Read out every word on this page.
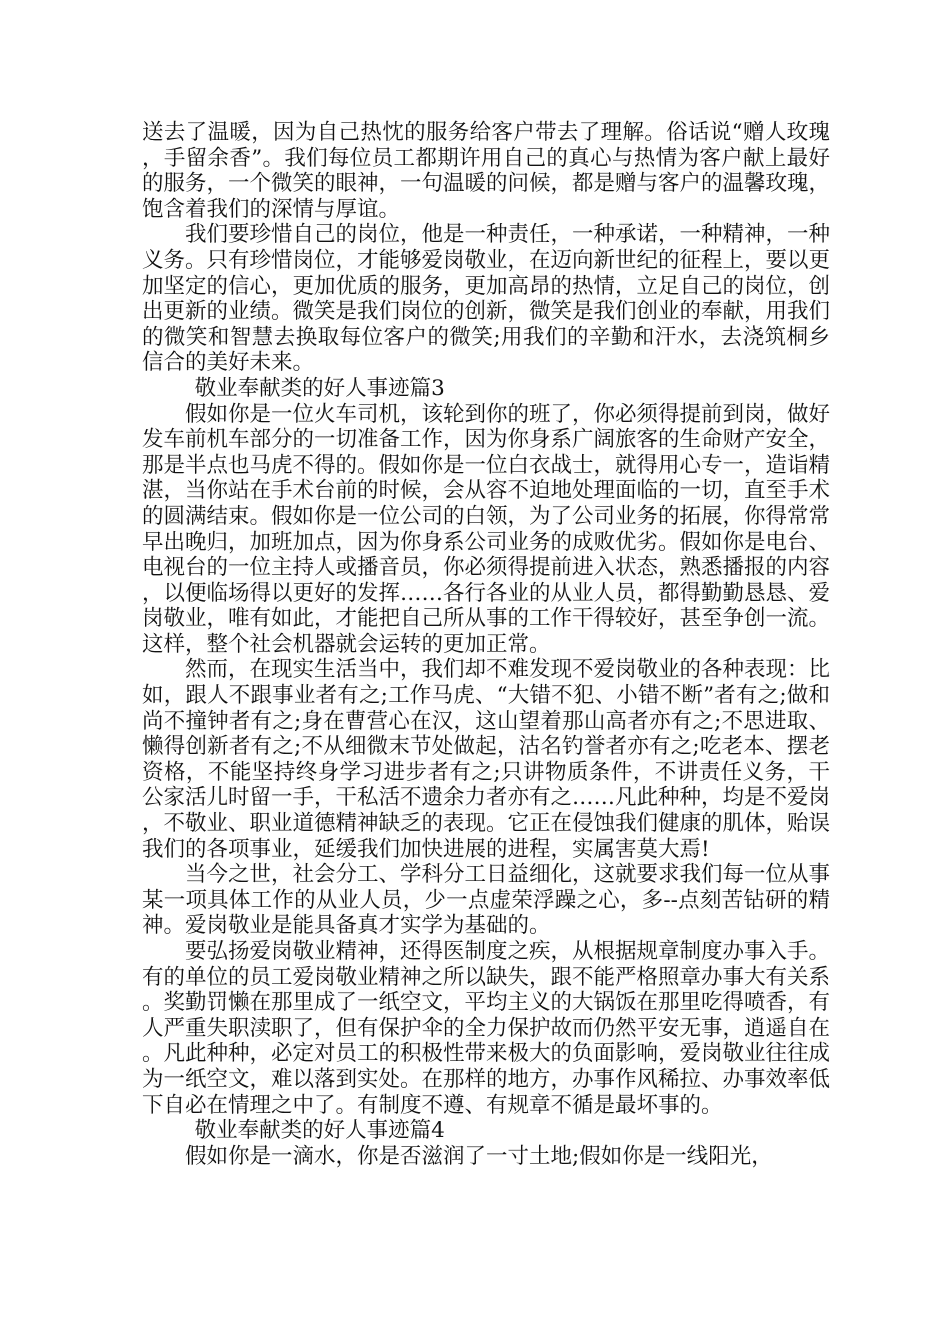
送去了温暖，因为自己热忱的服务给客户带去了理解。俗话说“赠人玫瑰，手留余香”。我们每位员工都期许用自己的真心与热情为客户献上最好的服务，一个微笑的眼神，一句温暖的问候，都是赠与客户的温馨玫瑰，饱含着我们的深情与厚谊。

我们要珍惜自己的岗位，他是一种责任，一种承诺，一种精神，一种义务。只有珍惜岗位，才能够爱岗敬业，在迈向新世纪的征程上，要以更加坚定的信心，更加优质的服务，更加高昂的热情，立足自己的岗位，创出更新的业绩。微笑是我们岗位的创新，微笑是我们创业的奉献，用我们的微笑和智慧去换取每位客户的微笑;用我们的辛勤和汗水，去浇筑桐乡信合的美好未来。

敬业奉献类的好人事迹篇3

假如你是一位火车司机，该轮到你的班了，你必须得提前到岗，做好发车前机车部分的一切准备工作，因为你身系广阔旅客的生命财产安全，那是半点也马虎不得的。假如你是一位白衣战士，就得用心专一，造诣精湛，当你站在手术台前的时候，会从容不迫地处理面临的一切，直至手术的圆满结束。假如你是一位公司的白领，为了公司业务的拓展，你得常常早出晚归，加班加点，因为你身系公司业务的成败优劣。假如你是电台、电视台的一位主持人或播音员，你必须得提前进入状态，熟悉播报的内容，以便临场得以更好的发挥……各行各业的从业人员，都得勤勤恳恳、爱岗敬业，唯有如此，才能把自己所从事的工作干得较好，甚至争创一流。这样，整个社会机器就会运转的更加正常。

然而，在现实生活当中，我们却不难发现不爱岗敬业的各种表现：比如，跟人不跟事业者有之;工作马虎、“大错不犯、小错不断”者有之;做和尚不撞钟者有之;身在曹营心在汉，这山望着那山高者亦有之;不思进取、懒得创新者有之;不从细微末节处做起，沽名钓誉者亦有之;吃老本、摆老资格，不能坚持终身学习进步者有之;只讲物质条件，不讲责任义务，干公家活儿时留一手，干私活不遗余力者亦有之……凡此种种，均是不爱岗，不敬业、职业道德精神缺乏的表现。它正在侵蚀我们健康的肌体，贻误我们的各项事业，延缓我们加快进展的进程，实属害莫大焉!

当今之世，社会分工、学科分工日益细化，这就要求我们每一位从事某一项具体工作的从业人员，少一点虚荣浮躁之心，多--点刻苦钻研的精神。爱岗敬业是能具备真才实学为基础的。

要弘扬爱岗敬业精神，还得医制度之疾，从根据规章制度办事入手。有的单位的员工爱岗敬业精神之所以缺失，跟不能严格照章办事大有关系。奖勤罚懒在那里成了一纸空文，平均主义的大锅饭在那里吃得喷香，有人严重失职渎职了，但有保护伞的全力保护故而仍然平安无事，逍遥自在。凡此种种，必定对员工的积极性带来极大的负面影响，爱岗敬业往往成为一纸空文，难以落到实处。在那样的地方，办事作风稀拉、办事效率低下自必在情理之中了。有制度不遵、有规章不循是最坏事的。

敬业奉献类的好人事迹篇4

假如你是一滴水，你是否滋润了一寸土地;假如你是一线阳光，
